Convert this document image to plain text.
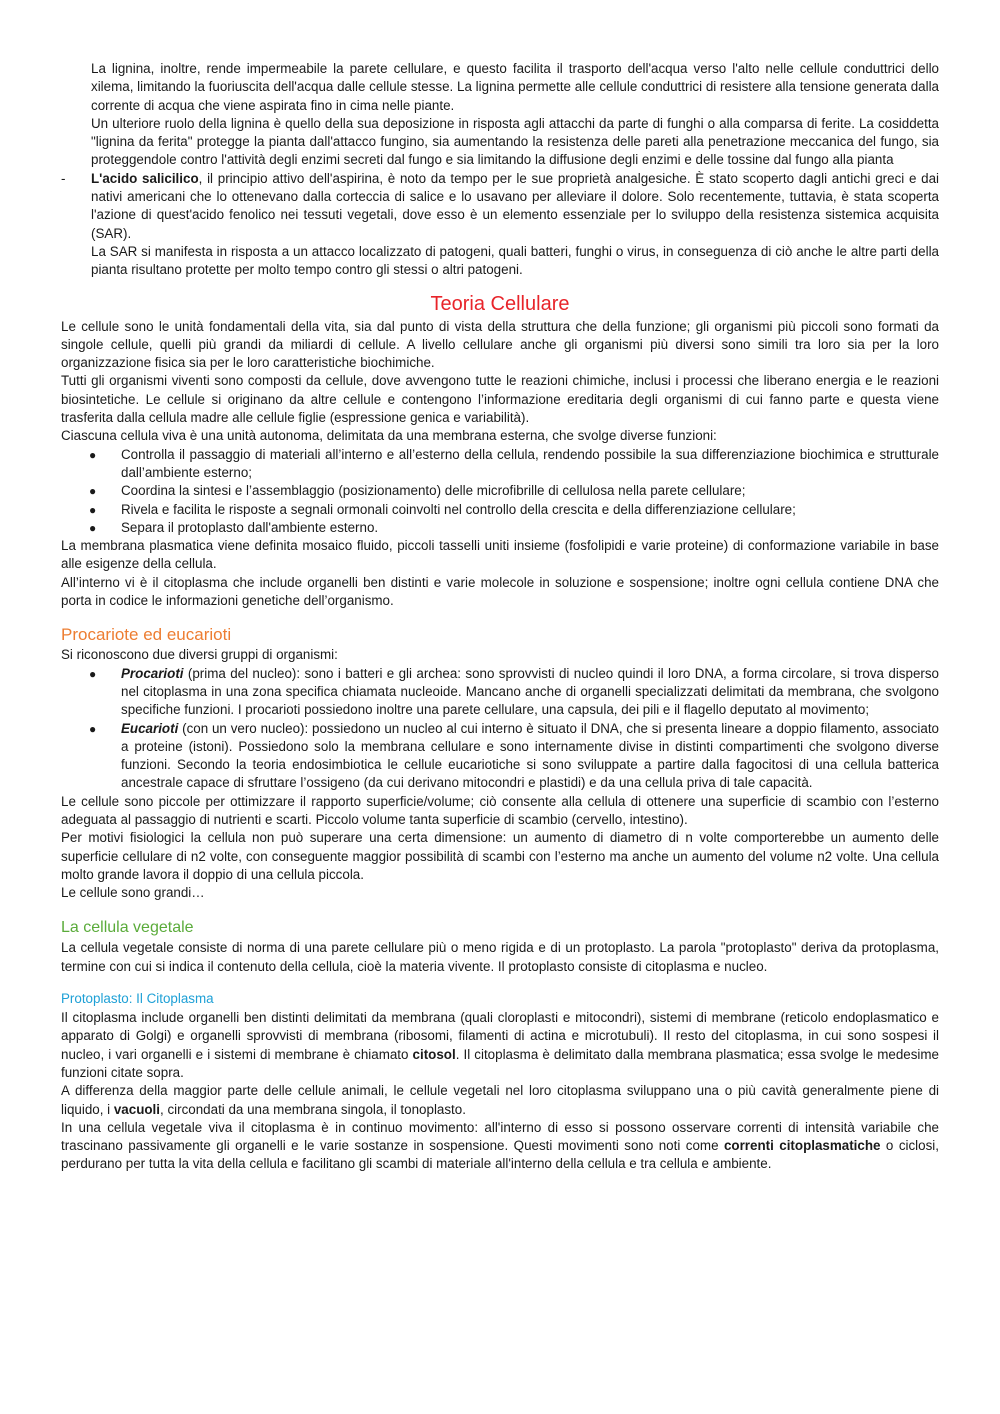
La lignina, inoltre, rende impermeabile la parete cellulare, e questo facilita il trasporto dell'acqua verso l'alto nelle cellule conduttrici dello xilema, limitando la fuoriuscita dell'acqua dalle cellule stesse. La lignina permette alle cellule conduttrici di resistere alla tensione generata dalla corrente di acqua che viene aspirata fino in cima nelle piante.

Un ulteriore ruolo della lignina è quello della sua deposizione in risposta agli attacchi da parte di funghi o alla comparsa di ferite. La cosiddetta "lignina da ferita" protegge la pianta dall'attacco fungino, sia aumentando la resistenza delle pareti alla penetrazione meccanica del fungo, sia proteggendole contro l'attività degli enzimi secreti dal fungo e sia limitando la diffusione degli enzimi e delle tossine dal fungo alla pianta

- L'acido salicilico, il principio attivo dell'aspirina, è noto da tempo per le sue proprietà analgesiche. È stato scoperto dagli antichi greci e dai nativi americani che lo ottenevano dalla corteccia di salice e lo usavano per alleviare il dolore. Solo recentemente, tuttavia, è stata scoperta l'azione di quest'acido fenolico nei tessuti vegetali, dove esso è un elemento essenziale per lo sviluppo della resistenza sistemica acquisita (SAR).

La SAR si manifesta in risposta a un attacco localizzato di patogeni, quali batteri, funghi o virus, in conseguenza di ciò anche le altre parti della pianta risultano protette per molto tempo contro gli stessi o altri patogeni.

Teoria Cellulare

Le cellule sono le unità fondamentali della vita, sia dal punto di vista della struttura che della funzione; gli organismi più piccoli sono formati da singole cellule, quelli più grandi da miliardi di cellule. A livello cellulare anche gli organismi più diversi sono simili tra loro sia per la loro organizzazione fisica sia per le loro caratteristiche biochimiche.

Tutti gli organismi viventi sono composti da cellule, dove avvengono tutte le reazioni chimiche, inclusi i processi che liberano energia e le reazioni biosintetiche. Le cellule si originano da altre cellule e contengono l’informazione ereditaria degli organismi di cui fanno parte e questa viene trasferita dalla cellula madre alle cellule figlie (espressione genica e variabilità).

Ciascuna cellula viva è una unità autonoma, delimitata da una membrana esterna, che svolge diverse funzioni:

● Controlla il passaggio di materiali all’interno e all’esterno della cellula, rendendo possibile la sua differenziazione biochimica e strutturale dall’ambiente esterno;
● Coordina la sintesi e l’assemblaggio (posizionamento) delle microfibrille di cellulosa nella parete cellulare;
● Rivela e facilita le risposte a segnali ormonali coinvolti nel controllo della crescita e della differenziazione cellulare;
● Separa il protoplasto dall'ambiente esterno.

La membrana plasmatica viene definita mosaico fluido, piccoli tasselli uniti insieme (fosfolipidi e varie proteine) di conformazione variabile in base alle esigenze della cellula.

All’interno vi è il citoplasma che include organelli ben distinti e varie molecole in soluzione e sospensione; inoltre ogni cellula contiene DNA che porta in codice le informazioni genetiche dell’organismo.

Procariote ed eucarioti

Si riconoscono due diversi gruppi di organismi:

● Procarioti (prima del nucleo): sono i batteri e gli archea: sono sprovvisti di nucleo quindi il loro DNA, a forma circolare, si trova disperso nel citoplasma in una zona specifica chiamata nucleoide. Mancano anche di organelli specializzati delimitati da membrana, che svolgono specifiche funzioni. I procarioti possiedono inoltre una parete cellulare, una capsula, dei pili e il flagello deputato al movimento;
● Eucarioti (con un vero nucleo): possiedono un nucleo al cui interno è situato il DNA, che si presenta lineare a doppio filamento, associato a proteine (istoni). Possiedono solo la membrana cellulare e sono internamente divise in distinti compartimenti che svolgono diverse funzioni. Secondo la teoria endosimbiotica le cellule eucariotiche si sono sviluppate a partire dalla fagocitosi di una cellula batterica ancestrale capace di sfruttare l’ossigeno (da cui derivano mitocondri e plastidi) e da una cellula priva di tale capacità.

Le cellule sono piccole per ottimizzare il rapporto superficie/volume; ciò consente alla cellula di ottenere una superficie di scambio con l’esterno adeguata al passaggio di nutrienti e scarti. Piccolo volume tanta superficie di scambio (cervello, intestino).

Per motivi fisiologici la cellula non può superare una certa dimensione: un aumento di diametro di n volte comporterebbe un aumento delle superficie cellulare di n2 volte, con conseguente maggior possibilità di scambi con l’esterno ma anche un aumento del volume n2 volte. Una cellula molto grande lavora il doppio di una cellula piccola.

Le cellule sono grandi…

La cellula vegetale

La cellula vegetale consiste di norma di una parete cellulare più o meno rigida e di un protoplasto. La parola "protoplasto" deriva da protoplasma, termine con cui si indica il contenuto della cellula, cioè la materia vivente. Il protoplasto consiste di citoplasma e nucleo.

Protoplasto: Il Citoplasma

Il citoplasma include organelli ben distinti delimitati da membrana (quali cloroplasti e mitocondri), sistemi di membrane (reticolo endoplasmatico e apparato di Golgi) e organelli sprovvisti di membrana (ribosomi, filamenti di actina e microtubuli). Il resto del citoplasma, in cui sono sospesi il nucleo, i vari organelli e i sistemi di membrane è chiamato citosol. Il citoplasma è delimitato dalla membrana plasmatica; essa svolge le medesime funzioni citate sopra.

A differenza della maggior parte delle cellule animali, le cellule vegetali nel loro citoplasma sviluppano una o più cavità generalmente piene di liquido, i vacuoli, circondati da una membrana singola, il tonoplasto.

In una cellula vegetale viva il citoplasma è in continuo movimento: all'interno di esso si possono osservare correnti di intensità variabile che trascinano passivamente gli organelli e le varie sostanze in sospensione. Questi movimenti sono noti come correnti citoplasmatiche o ciclosi, perdurano per tutta la vita della cellula e facilitano gli scambi di materiale all'interno della cellula e tra cellula e ambiente.
